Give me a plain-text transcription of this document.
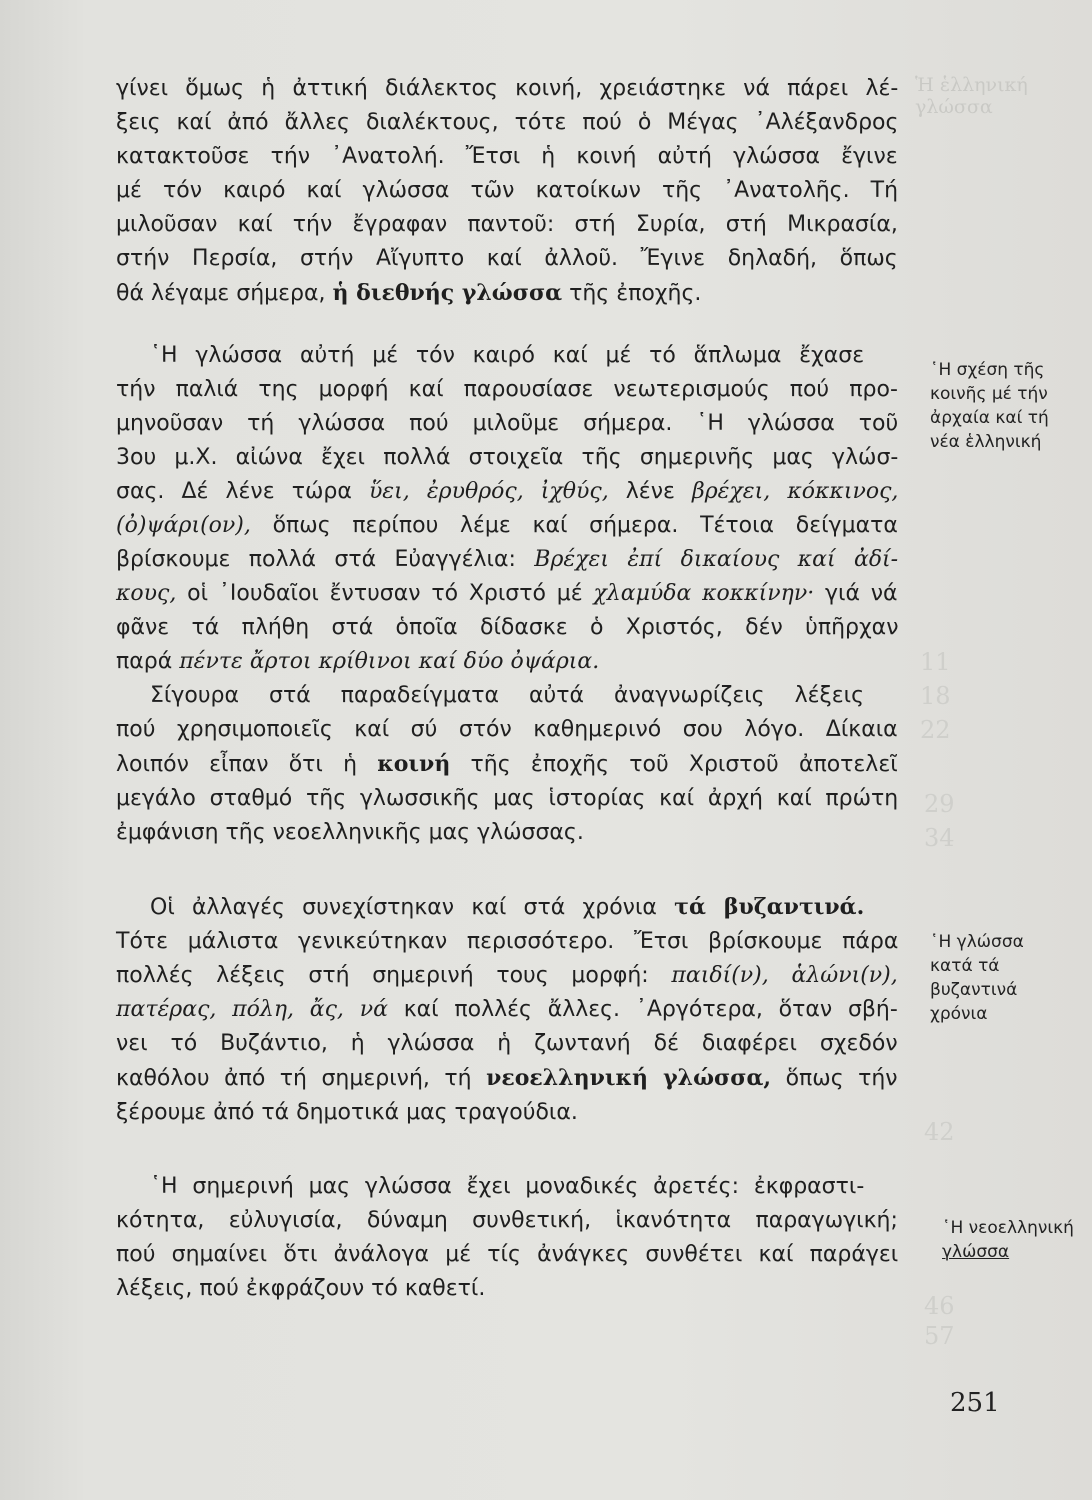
Ἡ ἑλληνική γλώσσα
11
18
22
29
34
42
46
57
γίνει ὅμως ἡ ἀττική διάλεκτος κοινή, χρειάστηκε νά πάρει λέ-
ξεις καί ἀπό ἄλλες διαλέκτους, τότε πού ὁ Μέγας ᾿Αλέξανδρος
κατακτοῦσε τήν ᾿Ανατολή. Ἔτσι ἡ κοινή αὐτή γλώσσα ἔγινε
μέ τόν καιρό καί γλώσσα τῶν κατοίκων τῆς ᾿Ανατολῆς. Τή
μιλοῦσαν καί τήν ἔγραφαν παντοῦ: στή Συρία, στή Μικρασία,
στήν Περσία, στήν Αἴγυπτο καί ἀλλοῦ. Ἔγινε δηλαδή, ὅπως
θά λέγαμε σήμερα, ἡ διεθνής γλώσσα τῆς ἐποχῆς.
῾Η γλώσσα αὐτή μέ τόν καιρό καί μέ τό ἅπλωμα ἔχασε
τήν παλιά της μορφή καί παρουσίασε νεωτερισμούς πού προ-
μηνοῦσαν τή γλώσσα πού μιλοῦμε σήμερα. ῾Η γλώσσα τοῦ
3ου μ.Χ. αἰώνα ἔχει πολλά στοιχεῖα τῆς σημερινῆς μας γλώσ-
σας. Δέ λένε τώρα ὕει, ἐρυθρός, ἰχθύς, λένε βρέχει, κόκκινος,
(ὀ)ψάρι(ον), ὅπως περίπου λέμε καί σήμερα. Τέτοια δείγματα
βρίσκουμε πολλά στά Εὐαγγέλια: Βρέχει ἐπί δικαίους καί ἀδί-
κους, οἱ ᾿Ιουδαῖοι ἔντυσαν τό Χριστό μέ χλαμύδα κοκκίνην· γιά νά
φᾶνε τά πλήθη στά ὁποῖα δίδασκε ὁ Χριστός, δέν ὑπῆρχαν
παρά πέντε ἄρτοι κρίθινοι καί δύο ὀψάρια.
Σίγουρα στά παραδείγματα αὐτά ἀναγνωρίζεις λέξεις
πού χρησιμοποιεῖς καί σύ στόν καθημερινό σου λόγο. Δίκαια
λοιπόν εἶπαν ὅτι ἡ κοινή τῆς ἐποχῆς τοῦ Χριστοῦ ἀποτελεῖ
μεγάλο σταθμό τῆς γλωσσικῆς μας ἱστορίας καί ἀρχή καί πρώτη
ἐμφάνιση τῆς νεοελληνικῆς μας γλώσσας.
Οἱ ἀλλαγές συνεχίστηκαν καί στά χρόνια τά βυζαντινά.
Τότε μάλιστα γενικεύτηκαν περισσότερο. Ἔτσι βρίσκουμε πάρα
πολλές λέξεις στή σημερινή τους μορφή: παιδί(ν), ἁλώνι(ν),
πατέρας, πόλη, ἄς, νά καί πολλές ἄλλες. ᾿Αργότερα, ὅταν σβή-
νει τό Βυζάντιο, ἡ γλώσσα ἡ ζωντανή δέ διαφέρει σχεδόν
καθόλου ἀπό τή σημερινή, τή νεοελληνική γλώσσα, ὅπως τήν
ξέρουμε ἀπό τά δημοτικά μας τραγούδια.
῾Η σημερινή μας γλώσσα ἔχει μοναδικές ἀρετές: ἐκφραστι-
κότητα, εὐλυγισία, δύναμη συνθετική, ἱκανότητα παραγωγική;
πού σημαίνει ὅτι ἀνάλογα μέ τίς ἀνάγκες συνθέτει καί παράγει
λέξεις, πού ἐκφράζουν τό καθετί.
῾Η σχέση τῆς
κοινῆς μέ τήν
ἀρχαία καί τή
νέα ἑλληνική
῾Η γλώσσα
κατά τά
βυζαντινά
χρόνια
῾Η νεοελληνική
γλώσσα
251
